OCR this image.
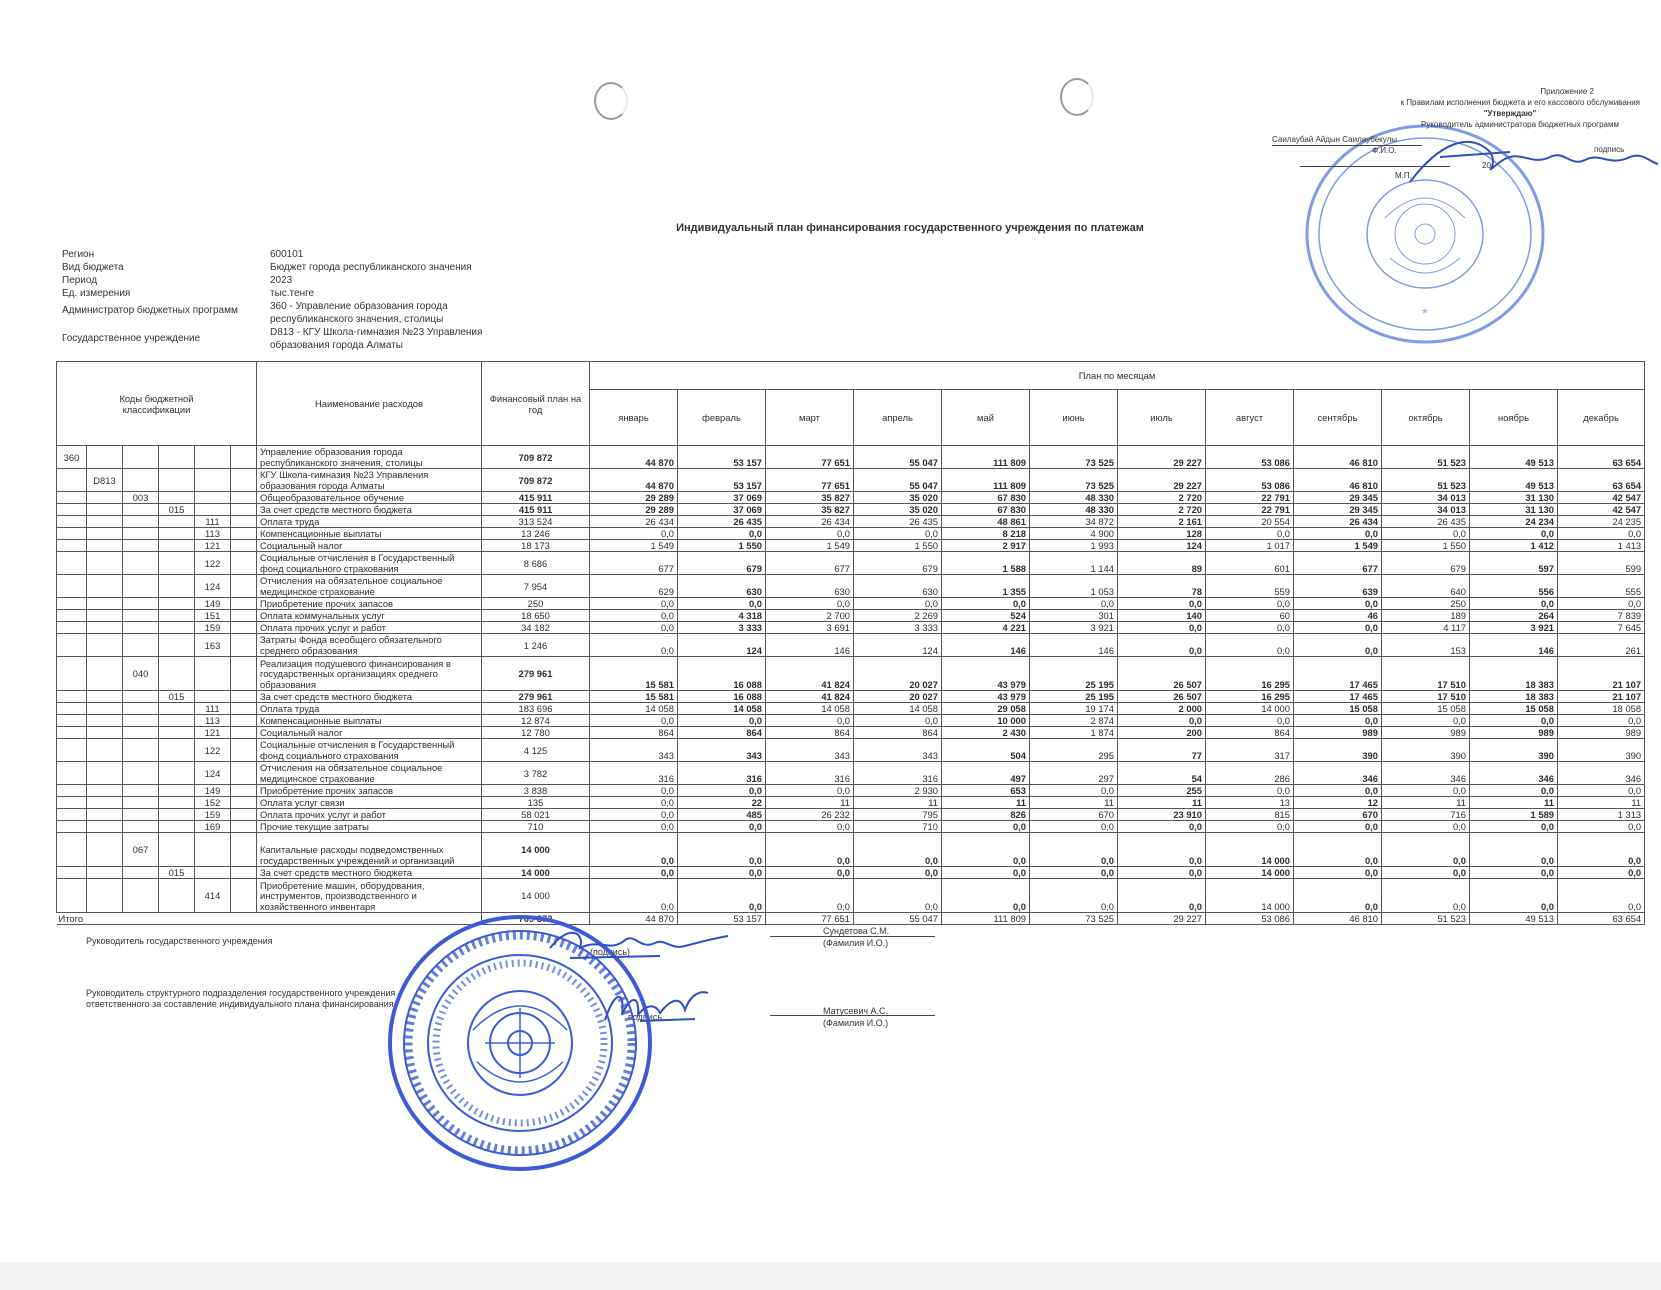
*
Приложение 2
к Правилам исполнения бюджета и его кассового обслуживания
"Утверждаю"
Руководитель администратора бюджетных программ
Саилаубай Айдын Саилаубекулы
подпись
Ф.И.О.
20
М.П.
Индивидуальный план финансирования государственного учреждения по платежам
Регион	600101
Вид бюджета	Бюджет города республиканского значения
Период	2023
Ед. измерения	тыс.тенге
Администратор бюджетных программ	360 - Управление образования города республиканского значения, столицы
Государственное учреждение
D813 - КГУ Школа-гимназия №23 Управления образования города Алматы
Коды бюджетной классификации						Наименование расходов	Финансовый план на год	План по месяцам											
								январь	февраль	март	апрель	май	июнь	июль	август	сентябрь	октябрь	ноябрь	декабрь
360						Управление образования города республиканского значения, столицы	709 872	44 870	53 157	77 651	55 047	111 809	73 525	29 227	53 086	46 810	51 523	49 513	63 654
	D813					КГУ Школа-гимназия №23 Управления образования города Алматы	709 872	44 870	53 157	77 651	55 047	111 809	73 525	29 227	53 086	46 810	51 523	49 513	63 654
		003				Общеобразовательное обучение	415 911	29 289	37 069	35 827	35 020	67 830	48 330	2 720	22 791	29 345	34 013	31 130	42 547
			015			За счет средств местного бюджета	415 911	29 289	37 069	35 827	35 020	67 830	48 330	2 720	22 791	29 345	34 013	31 130	42 547
				111		Оплата труда	313 524	26 434	26 435	26 434	26 435	48 861	34 872	2 161	20 554	26 434	26 435	24 234	24 235
				113		Компенсационные выплаты	13 246	0,0	0,0	0,0	0,0	8 218	4 900	128	0,0	0,0	0,0	0,0	0,0
				121		Социальный налог	18 173	1 549	1 550	1 549	1 550	2 917	1 993	124	1 017	1 549	1 550	1 412	1 413
				122		Социальные отчисления в Государственный фонд социального страхования	8 686	677	679	677	679	1 588	1 144	89	601	677	679	597	599
				124		Отчисления на обязательное социальное медицинское страхование	7 954	629	630	630	630	1 355	1 053	78	559	639	640	556	555
				149		Приобретение прочих запасов	250	0,0	0,0	0,0	0,0	0,0	0,0	0,0	0,0	0,0	250	0,0	0,0
				151		Оплата коммунальных услуг	18 650	0,0	4 318	2 700	2 269	524	301	140	60	46	189	264	7 839
				159		Оплата прочих услуг и работ	34 182	0,0	3 333	3 691	3 333	4 221	3 921	0,0	0,0	0,0	4 117	3 921	7 645
				163		Затраты Фонда всеобщего обязательного среднего образования	1 246	0,0	124	146	124	146	146	0,0	0,0	0,0	153	146	261
		040				Реализация подушевого финансирования в государственных организациях среднего образования	279 961	15 581	16 088	41 824	20 027	43 979	25 195	26 507	16 295	17 465	17 510	18 383	21 107
			015			За счет средств местного бюджета	279 961	15 581	16 088	41 824	20 027	43 979	25 195	26 507	16 295	17 465	17 510	18 383	21 107
				111		Оплата труда	183 696	14 058	14 058	14 058	14 058	29 058	19 174	2 000	14 000	15 058	15 058	15 058	18 058
				113		Компенсационные выплаты	12 874	0,0	0,0	0,0	0,0	10 000	2 874	0,0	0,0	0,0	0,0	0,0	0,0
				121		Социальный налог	12 780	864	864	864	864	2 430	1 874	200	864	989	989	989	989
				122		Социальные отчисления в Государственный фонд социального страхования	4 125	343	343	343	343	504	295	77	317	390	390	390	390
				124		Отчисления на обязательное социальное медицинское страхование	3 782	316	316	316	316	497	297	54	286	346	346	346	346
				149		Приобретение прочих запасов	3 838	0,0	0,0	0,0	2 930	653	0,0	255	0,0	0,0	0,0	0,0	0,0
				152		Оплата услуг связи	135	0,0	22	11	11	11	11	11	13	12	11	11	11
				159		Оплата прочих услуг и работ	58 021	0,0	485	26 232	795	826	670	23 910	815	670	716	1 589	1 313
				169		Прочие текущие затраты	710	0,0	0,0	0,0	710	0,0	0,0	0,0	0,0	0,0	0,0	0,0	0,0
		067				Капитальные расходы подведомственных государственных учреждений и организаций	14 000	0,0	0,0	0,0	0,0	0,0	0,0	0,0	14 000	0,0	0,0	0,0	0,0
			015			За счет средств местного бюджета	14 000	0,0	0,0	0,0	0,0	0,0	0,0	0,0	14 000	0,0	0,0	0,0	0,0
				414		Приобретение машин, оборудования, инструментов, производственного и хозяйственного инвентаря	14 000	0,0	0,0	0,0	0,0	0,0	0,0	0,0	14 000	0,0	0,0	0,0	0,0
Итого							709 872	44 870	53 157	77 651	55 047	111 809	73 525	29 227	53 086	46 810	51 523	49 513	63 654
Руководитель государственного учреждения
(подпись)
Сундетова С.М.
(Фамилия И.О.)
Руководитель структурного подразделения государственного учреждения
ответственного за составление индивидуального плана финансирования
подпись
Матусевич А.С.
(Фамилия И.О.)
